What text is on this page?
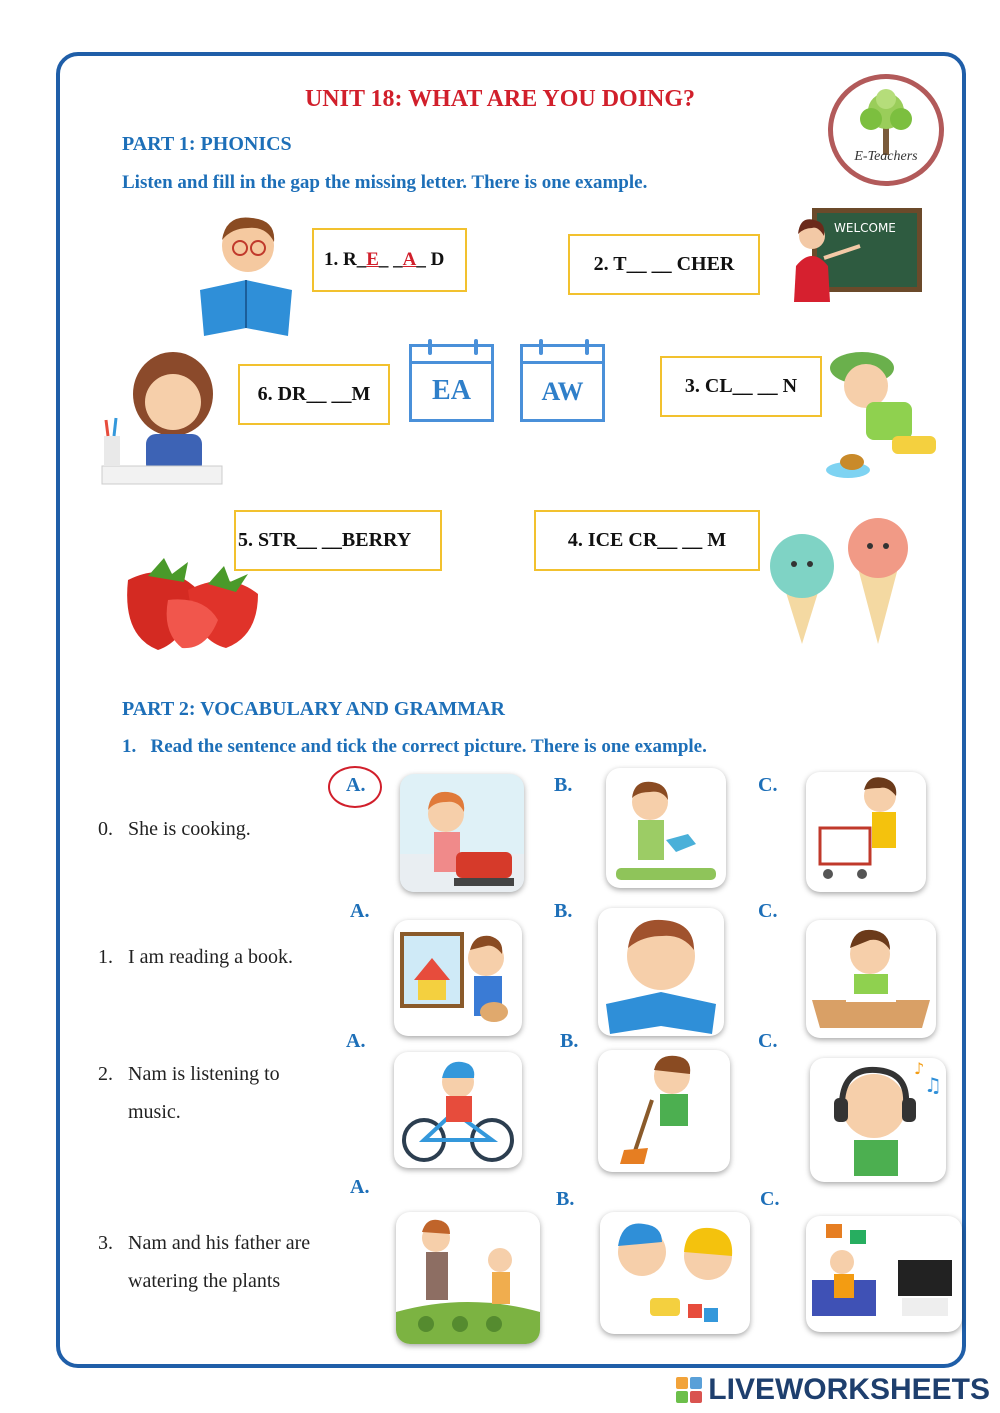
UNIT 18: WHAT ARE YOU DOING?
E-Teachers
PART 1: PHONICS
Listen and fill in the gap the missing letter. There is one example.
WELCOME
1. R_ E _ _ A _ D	2. T__ __ CHER
6. DR__ __M	3. CL__ __ N
5. STR__ __BERRY	4. ICE CR__ __ M
EA	AW
PART 2: VOCABULARY AND GRAMMAR
1.   Read the sentence and tick the correct picture. There is one example.
A.	B.	C.
A.	B.	C.
A.	B.	C.
A.
B.	C.
0. She is cooking.
1. I am reading a book.
2. Nam is listening to
music.
3. Nam and his father are
watering the plants
♫
♪
LIVEWORKSHEETS
